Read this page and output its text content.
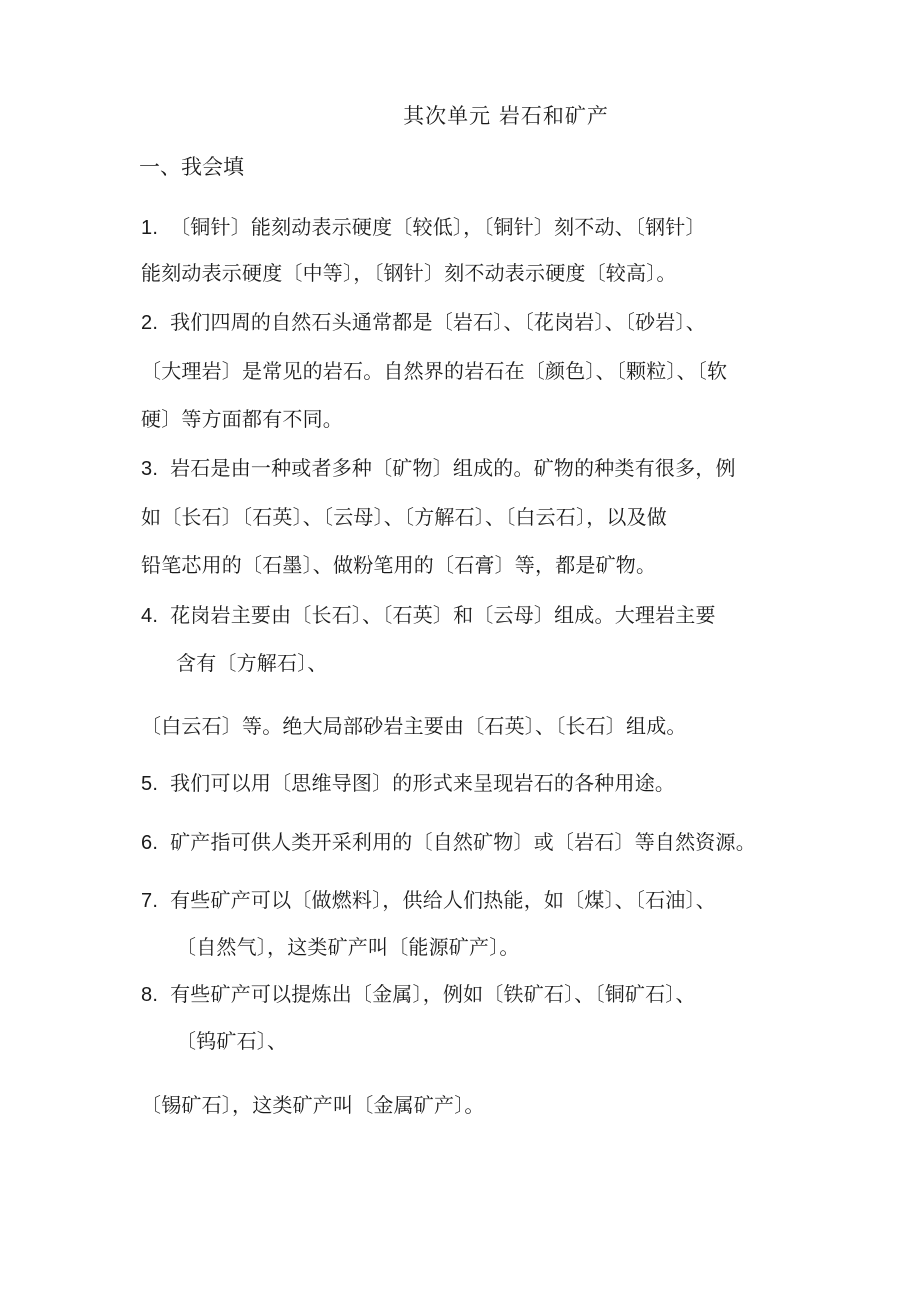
其次单元 岩石和矿产
一、我会填
1. 〔铜针〕能刻动表示硬度〔较低〕，〔铜针〕刻不动、〔钢针〕
能刻动表示硬度〔中等〕，〔钢针〕刻不动表示硬度〔较高〕。
2. 我们四周的自然石头通常都是〔岩石〕、〔花岗岩〕、〔砂岩〕、
〔大理岩〕是常见的岩石。自然界的岩石在〔颜色〕、〔颗粒〕、〔软
硬〕等方面都有不同。
3. 岩石是由一种或者多种〔矿物〕组成的。矿物的种类有很多，例
如〔长石〕〔石英〕、〔云母〕、〔方解石〕、〔白云石〕，以及做
铅笔芯用的〔石墨〕、做粉笔用的〔石膏〕等，都是矿物。
4. 花岗岩主要由〔长石〕、〔石英〕和〔云母〕组成。大理岩主要
含有〔方解石〕、
〔白云石〕等。绝大局部砂岩主要由〔石英〕、〔长石〕组成。
5. 我们可以用〔思维导图〕的形式来呈现岩石的各种用途。
6. 矿产指可供人类开采利用的〔自然矿物〕或〔岩石〕等自然资源。
7. 有些矿产可以〔做燃料〕，供给人们热能，如〔煤〕、〔石油〕、
〔自然气〕，这类矿产叫〔能源矿产〕。
8. 有些矿产可以提炼出〔金属〕，例如〔铁矿石〕、〔铜矿石〕、
〔钨矿石〕、
〔锡矿石〕，这类矿产叫〔金属矿产〕。
